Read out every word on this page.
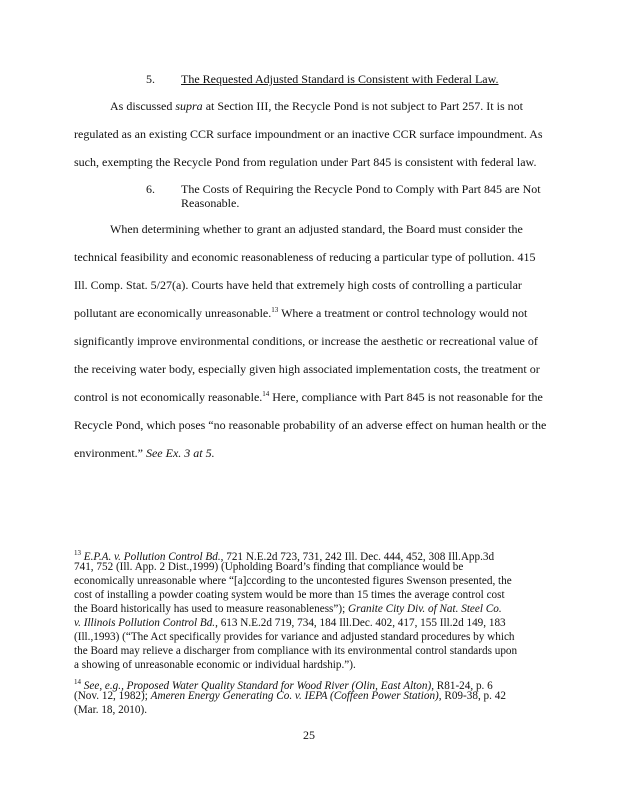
5. The Requested Adjusted Standard is Consistent with Federal Law.
As discussed supra at Section III, the Recycle Pond is not subject to Part 257. It is not
regulated as an existing CCR surface impoundment or an inactive CCR surface impoundment. As
such, exempting the Recycle Pond from regulation under Part 845 is consistent with federal law.
6. The Costs of Requiring the Recycle Pond to Comply with Part 845 are Not
Reasonable.
When determining whether to grant an adjusted standard, the Board must consider the
technical feasibility and economic reasonableness of reducing a particular type of pollution. 415
Ill. Comp. Stat. 5/27(a). Courts have held that extremely high costs of controlling a particular
pollutant are economically unreasonable.$^{13}$ Where a treatment or control technology would not
significantly improve environmental conditions, or increase the aesthetic or recreational value of
the receiving water body, especially given high associated implementation costs, the treatment or
control is not economically reasonable.$^{14}$ Here, compliance with Part 845 is not reasonable for the
Recycle Pond, which poses “no reasonable probability of an adverse effect on human health or the
environment.” See Ex. 3 at 5.
$^{13}$ E.P.A. v. Pollution Control Bd., 721 N.E.2d 723, 731, 242 Ill. Dec. 444, 452, 308 Ill.App.3d
741, 752 (Ill. App. 2 Dist.,1999) (Upholding Board’s finding that compliance would be
economically unreasonable where “[a]ccording to the uncontested figures Swenson presented, the
cost of installing a powder coating system would be more than 15 times the average control cost
the Board historically has used to measure reasonableness”); Granite City Div. of Nat. Steel Co.
v. Illinois Pollution Control Bd., 613 N.E.2d 719, 734, 184 Ill.Dec. 402, 417, 155 Ill.2d 149, 183
(Ill.,1993) (“The Act specifically provides for variance and adjusted standard procedures by which
the Board may relieve a discharger from compliance with its environmental control standards upon
a showing of unreasonable economic or individual hardship.”).
$^{14}$ See, e.g., Proposed Water Quality Standard for Wood River (Olin, East Alton), R81-24, p. 6
(Nov. 12, 1982); Ameren Energy Generating Co. v. IEPA (Coffeen Power Station), R09-38, p. 42
(Mar. 18, 2010).
25
